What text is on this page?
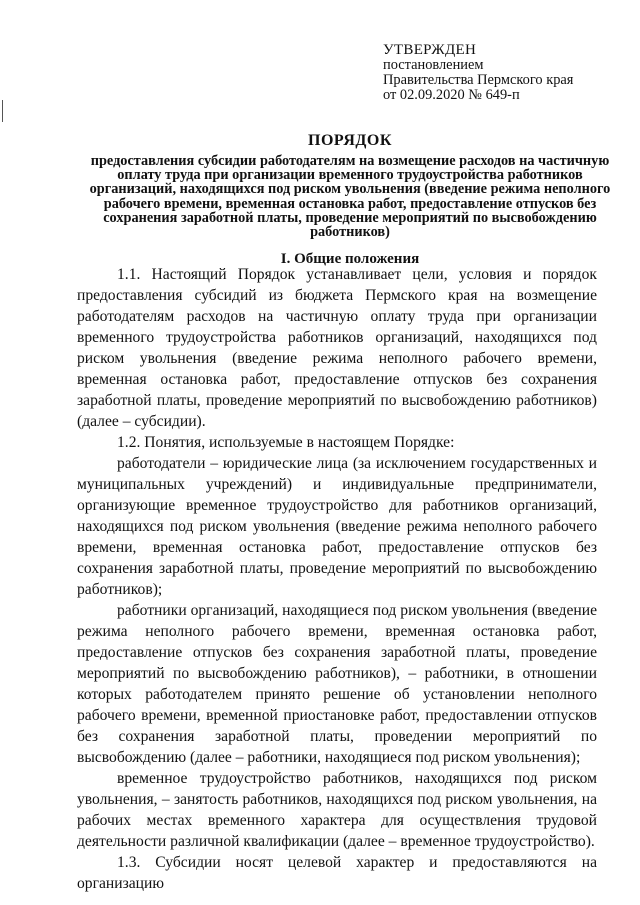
УТВЕРЖДЕН
постановлением
Правительства Пермского края
от 02.09.2020 № 649-п
ПОРЯДОК
предоставления субсидии работодателям на возмещение расходов на частичную оплату труда при организации временного трудоустройства работников организаций, находящихся под риском увольнения (введение режима неполного рабочего времени, временная остановка работ, предоставление отпусков без сохранения заработной платы, проведение мероприятий по высвобождению работников)
I. Общие положения

1.1. Настоящий Порядок устанавливает цели, условия и порядок предоставления субсидий из бюджета Пермского края на возмещение работодателям расходов на частичную оплату труда при организации временного трудоустройства работников организаций, находящихся под риском увольнения (введение режима неполного рабочего времени, временная остановка работ, предоставление отпусков без сохранения заработной платы, проведение мероприятий по высвобождению работников) (далее – субсидии).

1.2. Понятия, используемые в настоящем Порядке:

работодатели – юридические лица (за исключением государственных и муниципальных учреждений) и индивидуальные предприниматели, организующие временное трудоустройство для работников организаций, находящихся под риском увольнения (введение режима неполного рабочего времени, временная остановка работ, предоставление отпусков без сохранения заработной платы, проведение мероприятий по высвобождению работников);

работники организаций, находящиеся под риском увольнения (введение режима неполного рабочего времени, временная остановка работ, предоставление отпусков без сохранения заработной платы, проведение мероприятий по высвобождению работников), – работники, в отношении которых работодателем принято решение об установлении неполного рабочего времени, временной приостановке работ, предоставлении отпусков без сохранения заработной платы, проведении мероприятий по высвобождению (далее – работники, находящиеся под риском увольнения);

временное трудоустройство работников, находящихся под риском увольнения, – занятость работников, находящихся под риском увольнения, на рабочих местах временного характера для осуществления трудовой деятельности различной квалификации (далее – временное трудоустройство).

1.3. Субсидии носят целевой характер и предоставляются на организацию
